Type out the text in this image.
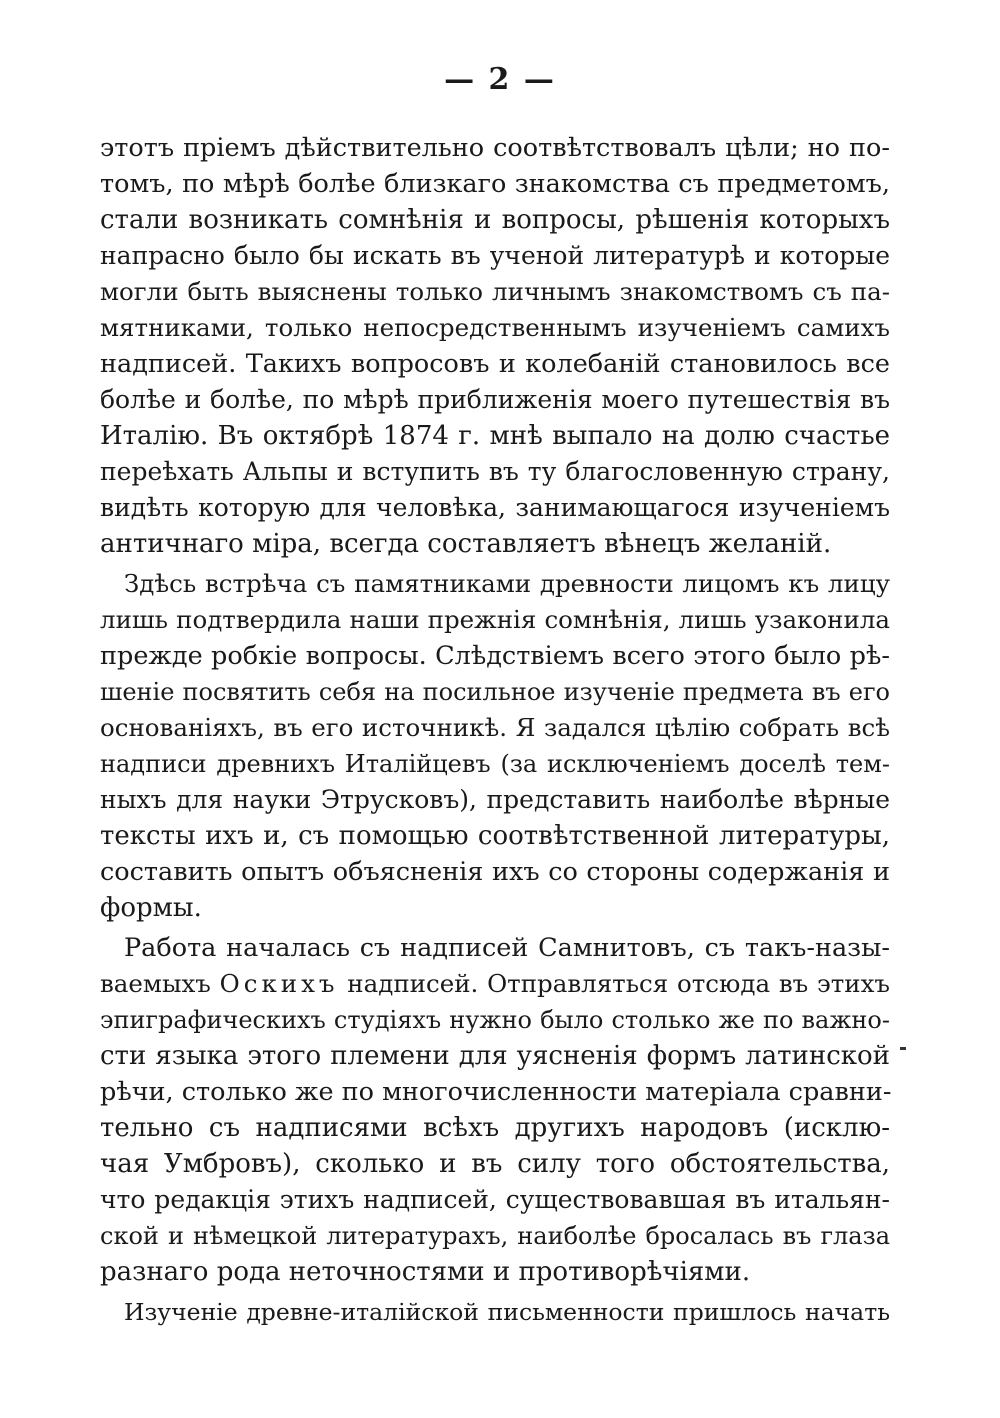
— 2 —
этотъ пріемъ дѣйствительно соотвѣтствовалъ цѣли; но по-
томъ, по мѣрѣ болѣе близкаго знакомства съ предметомъ,
стали возникать сомнѣнія и вопросы, рѣшенія которыхъ
напрасно было бы искать въ ученой литературѣ и которые
могли быть выяснены только личнымъ знакомствомъ съ па-
мятниками, только непосредственнымъ изученіемъ самихъ
надписей. Такихъ вопросовъ и колебаній становилось все
болѣе и болѣе, по мѣрѣ приближенія моего путешествія въ
Италію. Въ октябрѣ 1874 г. мнѣ выпало на долю счастье
переѣхать Альпы и вступить въ ту благословенную страну,
видѣть которую для человѣка, занимающагося изученіемъ
античнаго міра, всегда составляетъ вѣнецъ желаній.
Здѣсь встрѣча съ памятниками древности лицомъ къ лицу
лишь подтвердила наши прежнія сомнѣнія, лишь узаконила
прежде робкіе вопросы. Слѣдствіемъ всего этого было рѣ-
шеніе посвятить себя на посильное изученіе предмета въ его
основаніяхъ, въ его источникѣ. Я задался цѣлію собрать всѣ
надписи древнихъ Италійцевъ (за исключеніемъ доселѣ тем-
ныхъ для науки Этрусковъ), представить наиболѣе вѣрные
тексты ихъ и, съ помощью соотвѣтственной литературы,
составить опытъ объясненія ихъ со стороны содержанія и
формы.
Работа началась съ надписей Самнитовъ, съ такъ-назы-
ваемыхъ Оскихъ надписей. Отправляться отсюда въ этихъ
эпиграфическихъ студіяхъ нужно было столько же по важно-
сти языка этого племени для уясненія формъ латинской
рѣчи, столько же по многочисленности матеріала сравни-
тельно съ надписями всѣхъ другихъ народовъ (исклю-
чая Умбровъ), сколько и въ силу того обстоятельства,
что редакція этихъ надписей, существовавшая въ итальян-
ской и нѣмецкой литературахъ, наиболѣе бросалась въ глаза
разнаго рода неточностями и противорѣчіями.
Изученіе древне-италійской письменности пришлось начать
